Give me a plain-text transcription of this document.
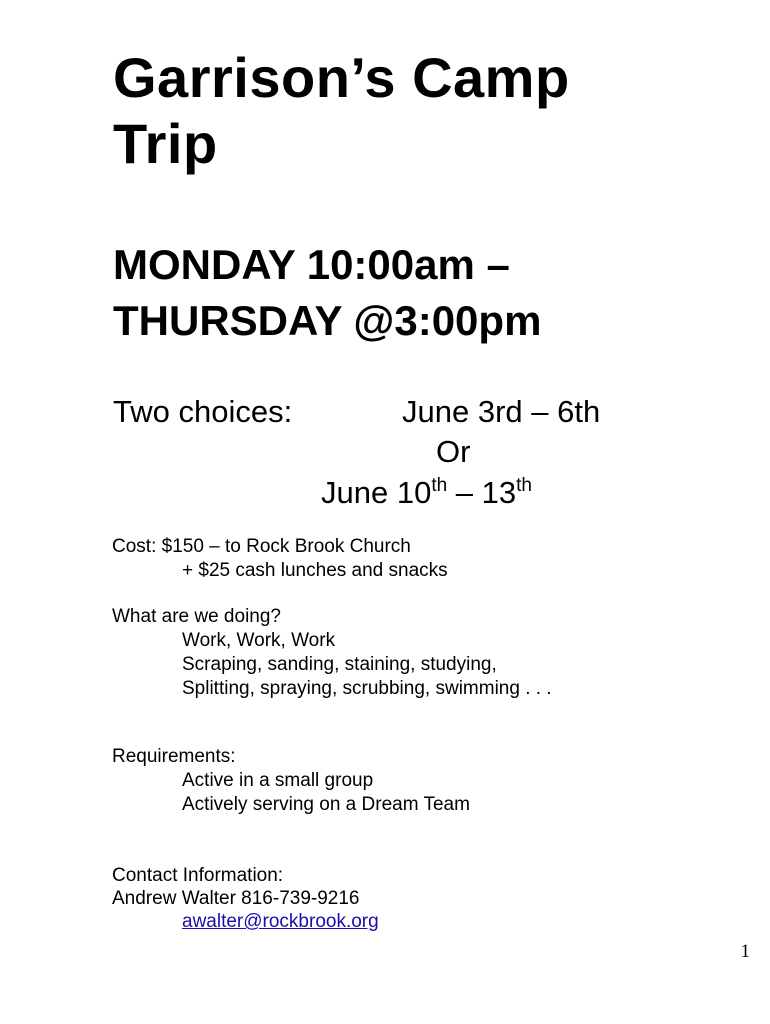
Garrison’s Camp
Trip
MONDAY 10:00am –
THURSDAY @3:00pm
Two choices:	June 3rd – 6th
Or
June 10th – 13th
Cost: $150 – to Rock Brook Church
+ $25 cash lunches and snacks
What are we doing?
Work, Work, Work
Scraping, sanding, staining, studying,
Splitting, spraying, scrubbing, swimming . . .
Requirements:
Active in a small group
Actively serving on a Dream Team
Contact Information:
Andrew Walter 816-739-9216
awalter@rockbrook.org
1
